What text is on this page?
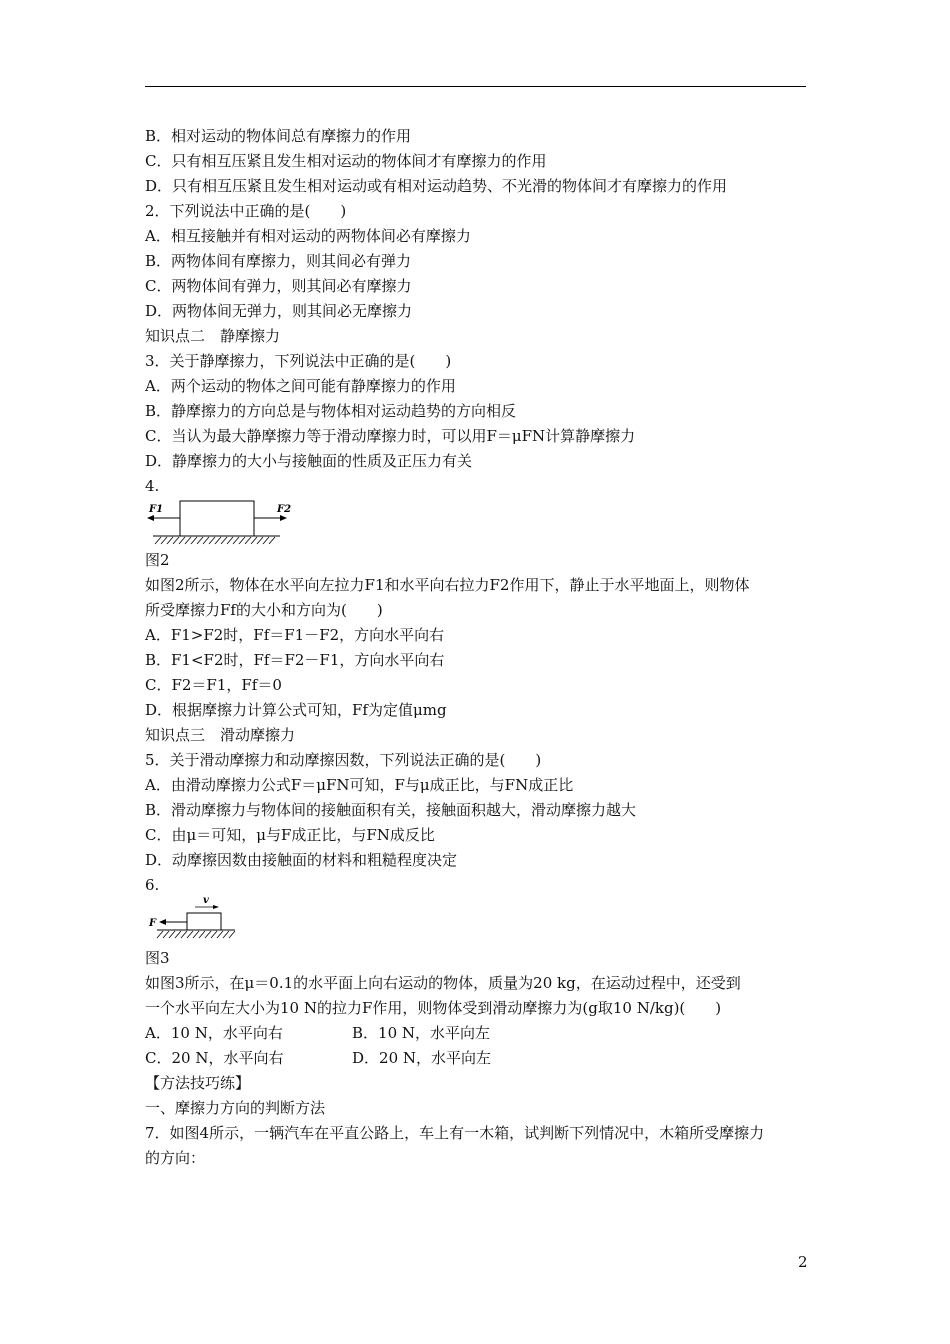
B．相对运动的物体间总有摩擦力的作用
C．只有相互压紧且发生相对运动的物体间才有摩擦力的作用
D．只有相互压紧且发生相对运动或有相对运动趋势、不光滑的物体间才有摩擦力的作用
2．下列说法中正确的是(　　)
A．相互接触并有相对运动的两物体间必有摩擦力
B．两物体间有摩擦力，则其间必有弹力
C．两物体间有弹力，则其间必有摩擦力
D．两物体间无弹力，则其间必无摩擦力
知识点二　静摩擦力
3．关于静摩擦力，下列说法中正确的是(　　)
A．两个运动的物体之间可能有静摩擦力的作用
B．静摩擦力的方向总是与物体相对运动趋势的方向相反
C．当认为最大静摩擦力等于滑动摩擦力时，可以用F＝μFN计算静摩擦力
D．静摩擦力的大小与接触面的性质及正压力有关
4.
F1	F2
图2
如图2所示，物体在水平向左拉力F1和水平向右拉力F2作用下，静止于水平地面上，则物体
所受摩擦力Ff的大小和方向为(　　)
A．F1>F2时，Ff＝F1－F2，方向水平向右
B．F1<F2时，Ff＝F2－F1，方向水平向右
C．F2＝F1，Ff＝0
D．根据摩擦力计算公式可知，Ff为定值μmg
知识点三　滑动摩擦力
5．关于滑动摩擦力和动摩擦因数，下列说法正确的是(　　)
A．由滑动摩擦力公式F＝μFN可知，F与μ成正比，与FN成正比
B．滑动摩擦力与物体间的接触面积有关，接触面积越大，滑动摩擦力越大
C．由μ＝可知，μ与F成正比，与FN成反比
D．动摩擦因数由接触面的材料和粗糙程度决定
6.
F
v
图3
如图3所示，在μ＝0.1的水平面上向右运动的物体，质量为20 kg，在运动过程中，还受到
一个水平向左大小为10 N的拉力F作用，则物体受到滑动摩擦力为(g取10 N/kg)(　　)
A．10 N，水平向右	B．10 N，水平向左
C．20 N，水平向右	D．20 N，水平向左
【方法技巧练】
一、摩擦力方向的判断方法
7．如图4所示，一辆汽车在平直公路上，车上有一木箱，试判断下列情况中，木箱所受摩擦力
的方向：
2
